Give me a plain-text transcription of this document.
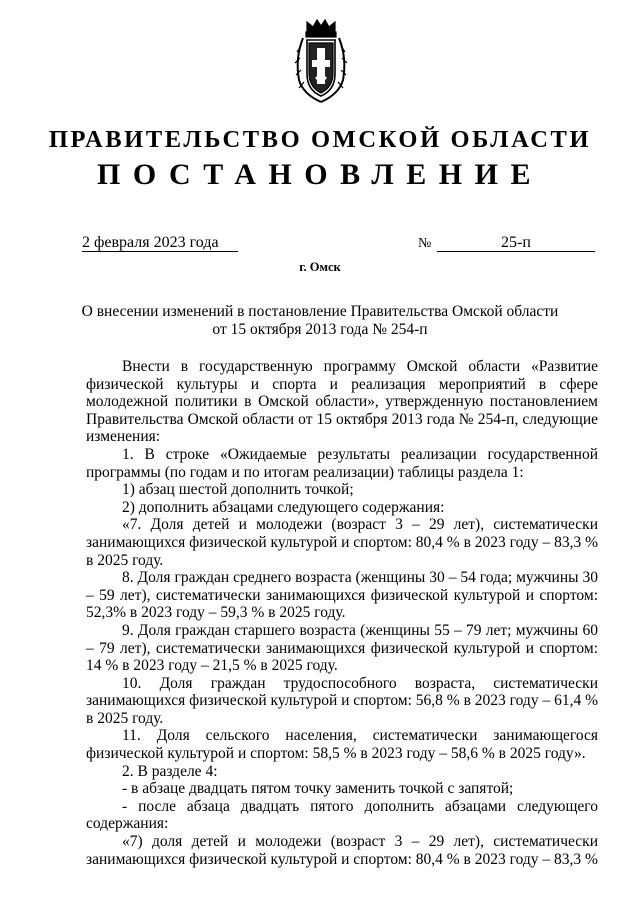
ПРАВИТЕЛЬСТВО ОМСКОЙ ОБЛАСТИ
ПОСТАНОВЛЕНИЕ
2 февраля 2023 года	№	25-п
г. Омск
О внесении изменений в постановление Правительства Омской области
от 15 октября 2013 года № 254-п

Внести в государственную программу Омской области «Развитие физической культуры и спорта и реализация мероприятий в сфере молодежной политики в Омской области», утвержденную постановлением Правительства Омской области от 15 октября 2013 года № 254-п, следующие изменения:

1. В строке «Ожидаемые результаты реализации государственной программы (по годам и по итогам реализации) таблицы раздела 1:

1) абзац шестой дополнить точкой;

2) дополнить абзацами следующего содержания:

«7. Доля детей и молодежи (возраст 3 – 29 лет), систематически занимающихся физической культурой и спортом: 80,4 % в 2023 году – 83,3 % в 2025 году.

8. Доля граждан среднего возраста (женщины 30 – 54 года; мужчины 30 – 59 лет), систематически занимающихся физической культурой и спортом: 52,3% в 2023 году – 59,3 % в 2025 году.

9. Доля граждан старшего возраста (женщины 55 – 79 лет; мужчины 60 – 79 лет), систематически занимающихся физической культурой и спортом: 14 % в 2023 году – 21,5 % в 2025 году.

10. Доля граждан трудоспособного возраста, систематически занимающихся физической культурой и спортом: 56,8 % в 2023 году – 61,4 % в 2025 году.

11. Доля сельского населения, систематически занимающегося физической культурой и спортом: 58,5 % в 2023 году – 58,6 % в 2025 году».

2. В разделе 4:

- в абзаце двадцать пятом точку заменить точкой с запятой;

- после абзаца двадцать пятого дополнить абзацами следующего содержания:

«7) доля детей и молодежи (возраст 3 – 29 лет), систематически занимающихся физической культурой и спортом: 80,4 % в 2023 году – 83,3 %
